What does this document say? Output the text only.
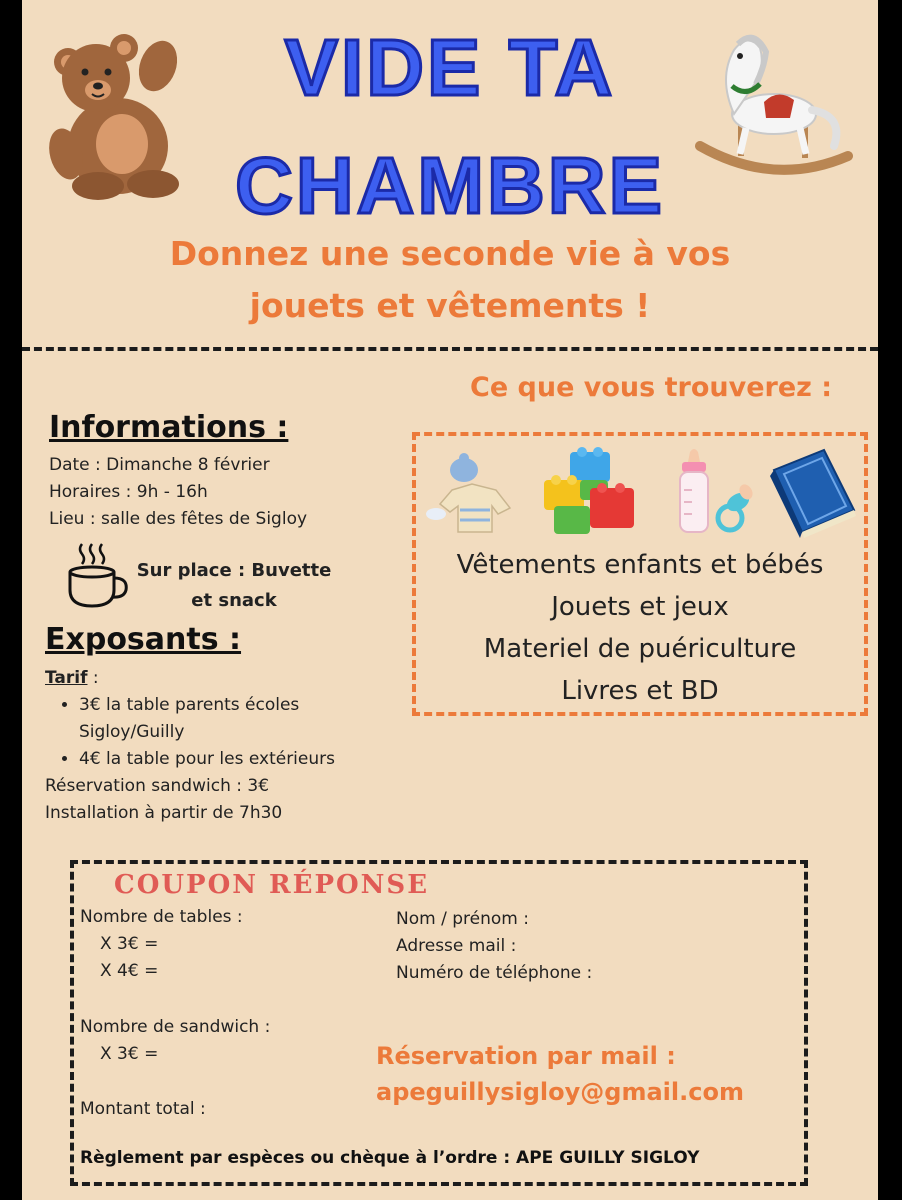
VIDE TA
CHAMBRE
Donnez une seconde vie à vos
jouets et vêtements !
Informations :
Date : Dimanche 8 février
Horaires : 9h - 16h
Lieu : salle des fêtes de Sigloy
Sur place : Buvette
et snack
Exposants :
Tarif :
• 3€ la table parents écoles Sigloy/Guilly
• 4€ la table pour les extérieurs
Réservation sandwich : 3€
Installation à partir de 7h30
Ce que vous trouverez :
Vêtements enfants et bébés
Jouets et jeux
Materiel de puériculture
Livres et BD
COUPON RÉPONSE
Nombre de tables :
X 3€ =
X 4€ =
Nombre de sandwich :
X 3€ =
Montant total :
Nom / prénom :
Adresse mail :
Numéro de téléphone :
Réservation par mail :
apeguillysigloy@gmail.com
Règlement par espèces ou chèque à l’ordre : APE GUILLY SIGLOY
